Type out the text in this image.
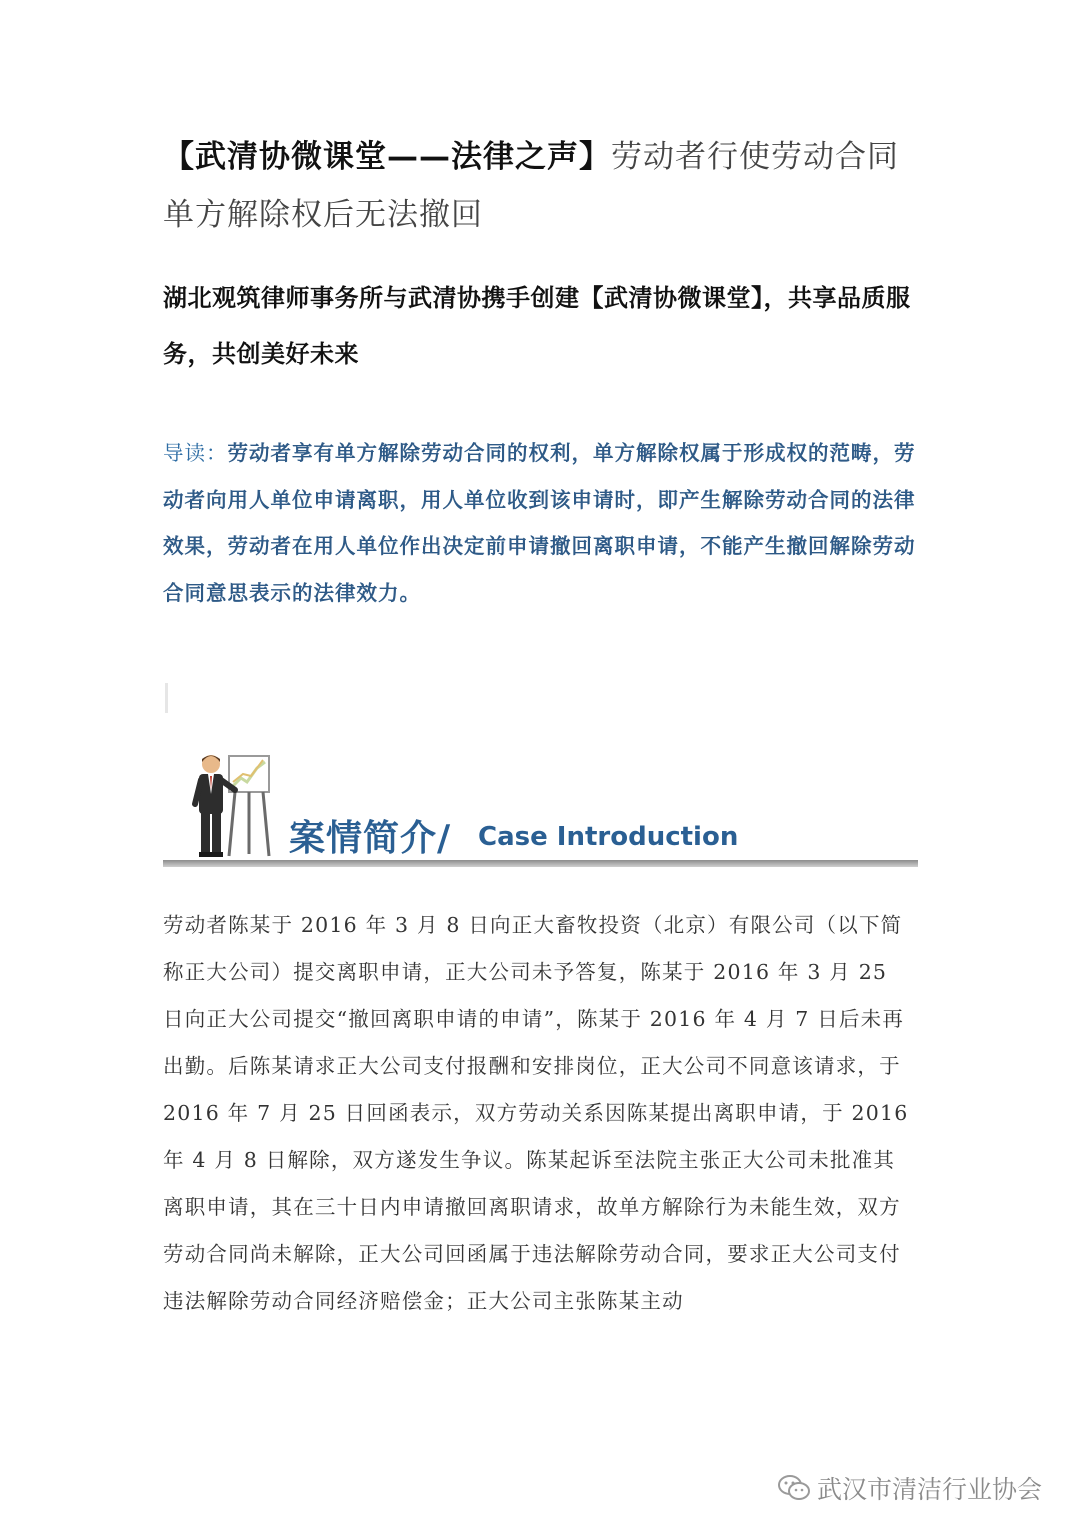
【武清协微课堂——法律之声】劳动者行使劳动合同单方解除权后无法撤回
湖北观筑律师事务所与武清协携手创建【武清协微课堂】，共享品质服务，共创美好未来
导读：劳动者享有单方解除劳动合同的权利，单方解除权属于形成权的范畴，劳动者向用人单位申请离职，用人单位收到该申请时，即产生解除劳动合同的法律效果，劳动者在用人单位作出决定前申请撤回离职申请，不能产生撤回解除劳动合同意思表示的法律效力。
案情简介/ Case Introduction
劳动者陈某于 2016 年 3 月 8 日向正大畜牧投资（北京）有限公司（以下简称正大公司）提交离职申请，正大公司未予答复，陈某于 2016 年 3 月 25 日向正大公司提交“撤回离职申请的申请”，陈某于 2016 年 4 月 7 日后未再出勤。后陈某请求正大公司支付报酬和安排岗位，正大公司不同意该请求，于 2016 年 7 月 25 日回函表示，双方劳动关系因陈某提出离职申请，于 2016 年 4 月 8 日解除，双方遂发生争议。陈某起诉至法院主张正大公司未批准其离职申请，其在三十日内申请撤回离职请求，故单方解除行为未能生效，双方劳动合同尚未解除，正大公司回函属于违法解除劳动合同，要求正大公司支付违法解除劳动合同经济赔偿金；正大公司主张陈某主动
武汉市清洁行业协会
